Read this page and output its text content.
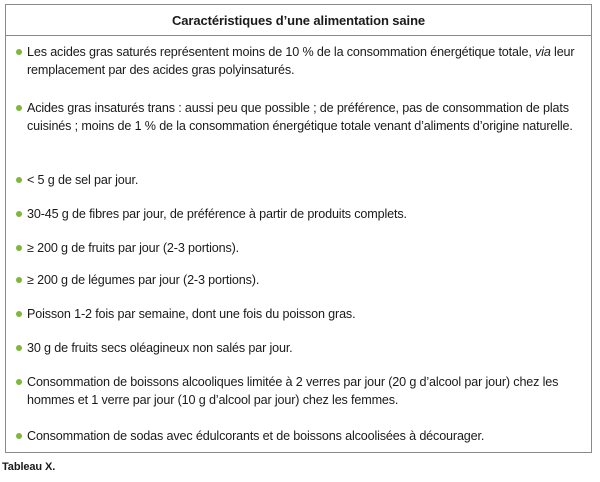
Caractéristiques d’une alimentation saine
Les acides gras saturés représentent moins de 10 % de la consommation énergétique totale, via leur remplacement par des acides gras polyinsaturés.
Acides gras insaturés trans : aussi peu que possible ; de préférence, pas de consommation de plats cuisinés ; moins de 1 % de la consommation énergétique totale venant d’aliments d’origine naturelle.
< 5 g de sel par jour.
30-45 g de fibres par jour, de préférence à partir de produits complets.
≥ 200 g de fruits par jour (2-3 portions).
≥ 200 g de légumes par jour (2-3 portions).
Poisson 1-2 fois par semaine, dont une fois du poisson gras.
30 g de fruits secs oléagineux non salés par jour.
Consommation de boissons alcooliques limitée à 2 verres par jour (20 g d’alcool par jour) chez les hommes et 1 verre par jour (10 g d’alcool par jour) chez les femmes.
Consommation de sodas avec édulcorants et de boissons alcoolisées à décourager.
Tableau X.
